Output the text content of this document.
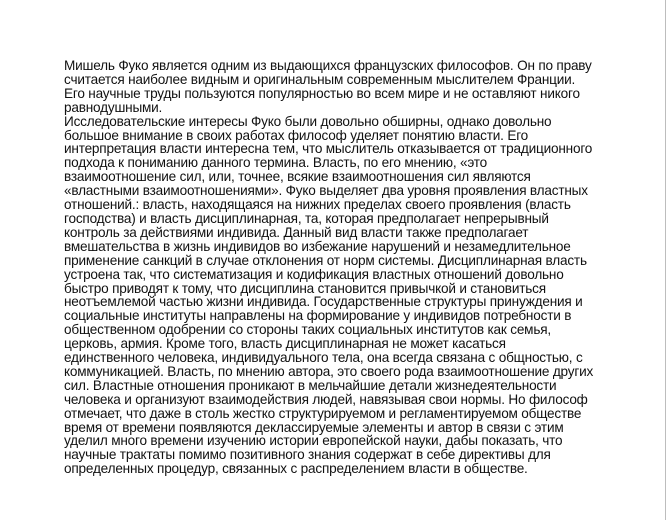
Мишель Фуко является одним из выдающихся французских философов. Он по праву считается наиболее видным и оригинальным современным мыслителем Франции. Его научные труды пользуются популярностью во всем мире и не оставляют никого равнодушными.

Исследовательские интересы Фуко были довольно обширны, однако довольно большое внимание в своих работах философ уделяет понятию власти. Его интерпретация власти интересна тем, что мыслитель отказывается от традиционного подхода к пониманию данного термина. Власть, по его мнению, «это взаимоотношение сил, или, точнее, всякие взаимоотношения сил являются «властными взаимоотношениями». Фуко выделяет два уровня проявления властных отношений.: власть, находящаяся на нижних пределах своего проявления (власть господства) и власть дисциплинарная, та, которая предполагает непрерывный контроль за действиями индивида. Данный вид власти также предполагает вмешательства в жизнь индивидов во избежание нарушений и незамедлительное применение санкций в случае отклонения от норм системы. Дисциплинарная власть устроена так, что систематизация и кодификация властных отношений довольно быстро приводят к тому, что дисциплина становится привычкой и становиться неотъемлемой частью жизни индивида. Государственные структуры принуждения и социальные институты направлены на формирование у индивидов потребности в общественном одобрении со стороны таких социальных институтов как семья, церковь, армия. Кроме того, власть дисциплинарная не может касаться единственного человека, индивидуального тела, она всегда связана с общностью, с коммуникацией. Власть, по мнению автора, это своего рода взаимоотношение других сил. Властные отношения проникают в мельчайшие детали жизнедеятельности человека и организуют взаимодействия людей, навязывая свои нормы. Но философ отмечает, что даже в столь жестко структурируемом и регламентируемом обществе время от времени появляются деклассируемые элементы и автор в связи с этим уделил много времени изучению истории европейской науки, дабы показать, что научные трактаты помимо позитивного знания содержат в себе директивы для определенных процедур, связанных с распределением власти в обществе.
